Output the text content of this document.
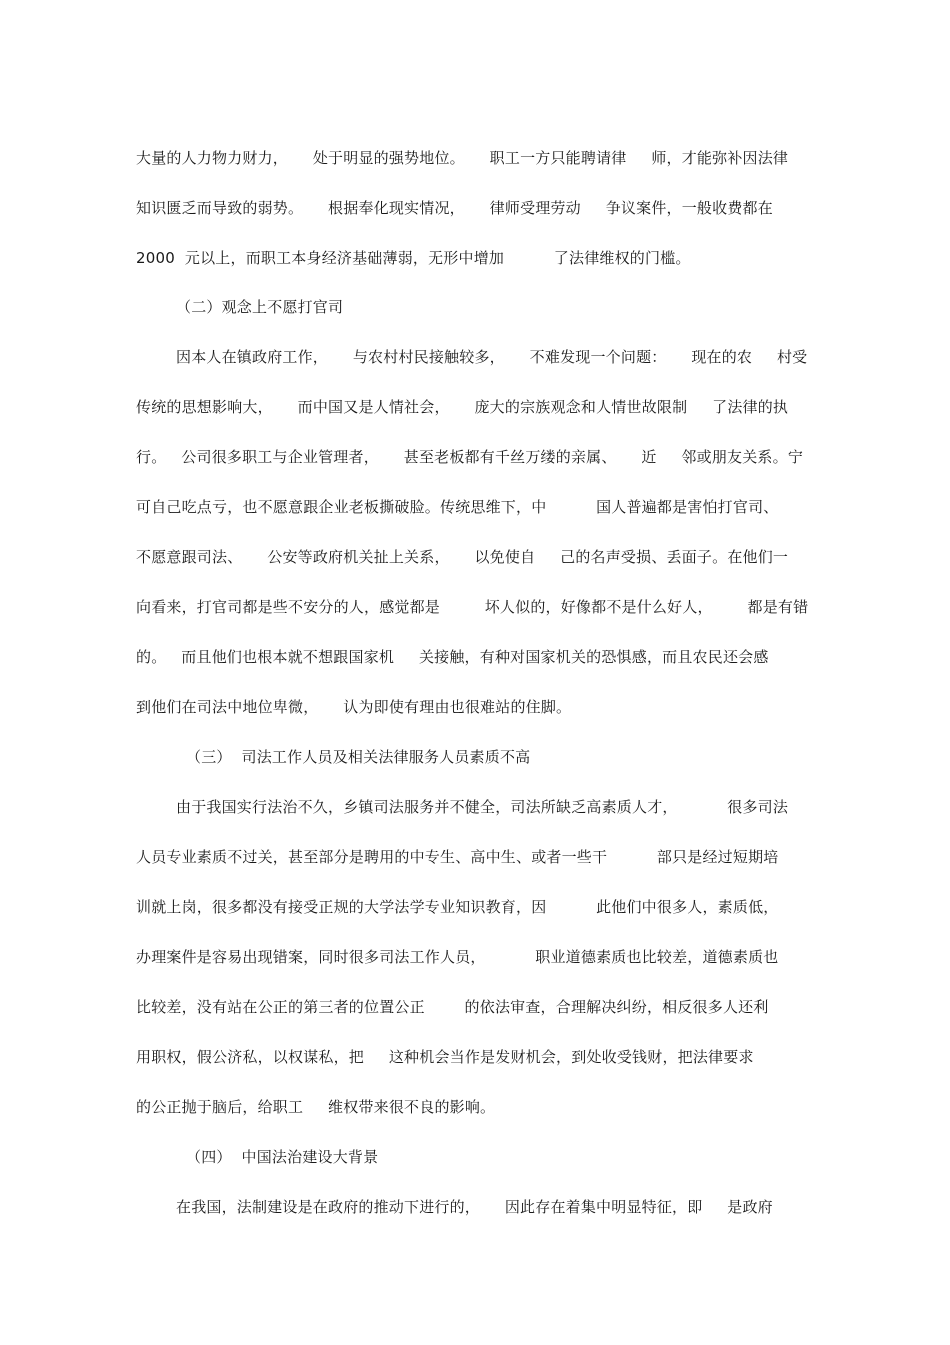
大量的人力物力财力，     处于明显的强势地位。     职工一方只能聘请律     师，才能弥补因法律
知识匮乏而导致的弱势。     根据奉化现实情况，     律师受理劳动     争议案件，一般收费都在
2000  元以上，而职工本身经济基础薄弱，无形中增加          了法律维权的门槛。
（二）观念上不愿打官司
因本人在镇政府工作，     与农村村民接触较多，     不难发现一个问题：     现在的农     村受
传统的思想影响大，     而中国又是人情社会，     庞大的宗族观念和人情世故限制     了法律的执
行。   公司很多职工与企业管理者，     甚至老板都有千丝万缕的亲属、     近     邻或朋友关系。宁
可自己吃点亏，也不愿意跟企业老板撕破脸。传统思维下，中          国人普遍都是害怕打官司、
不愿意跟司法、     公安等政府机关扯上关系，     以免使自     己的名声受损、丢面子。在他们一
向看来，打官司都是些不安分的人，感觉都是         坏人似的，好像都不是什么好人，       都是有错
的。   而且他们也根本就不想跟国家机     关接触，有种对国家机关的恐惧感，而且农民还会感
到他们在司法中地位卑微，     认为即使有理由也很难站的住脚。
（三）  司法工作人员及相关法律服务人员素质不高
由于我国实行法治不久，乡镇司法服务并不健全，司法所缺乏高素质人才，          很多司法
人员专业素质不过关，甚至部分是聘用的中专生、高中生、或者一些干          部只是经过短期培
训就上岗，很多都没有接受正规的大学法学专业知识教育，因          此他们中很多人，素质低，
办理案件是容易出现错案，同时很多司法工作人员，          职业道德素质也比较差，道德素质也
比较差，没有站在公正的第三者的位置公正        的依法审查，合理解决纠纷，相反很多人还利
用职权，假公济私，以权谋私，把     这种机会当作是发财机会，到处收受钱财，把法律要求
的公正抛于脑后，给职工     维权带来很不良的影响。
（四）  中国法治建设大背景
在我国，法制建设是在政府的推动下进行的，     因此存在着集中明显特征，即     是政府
